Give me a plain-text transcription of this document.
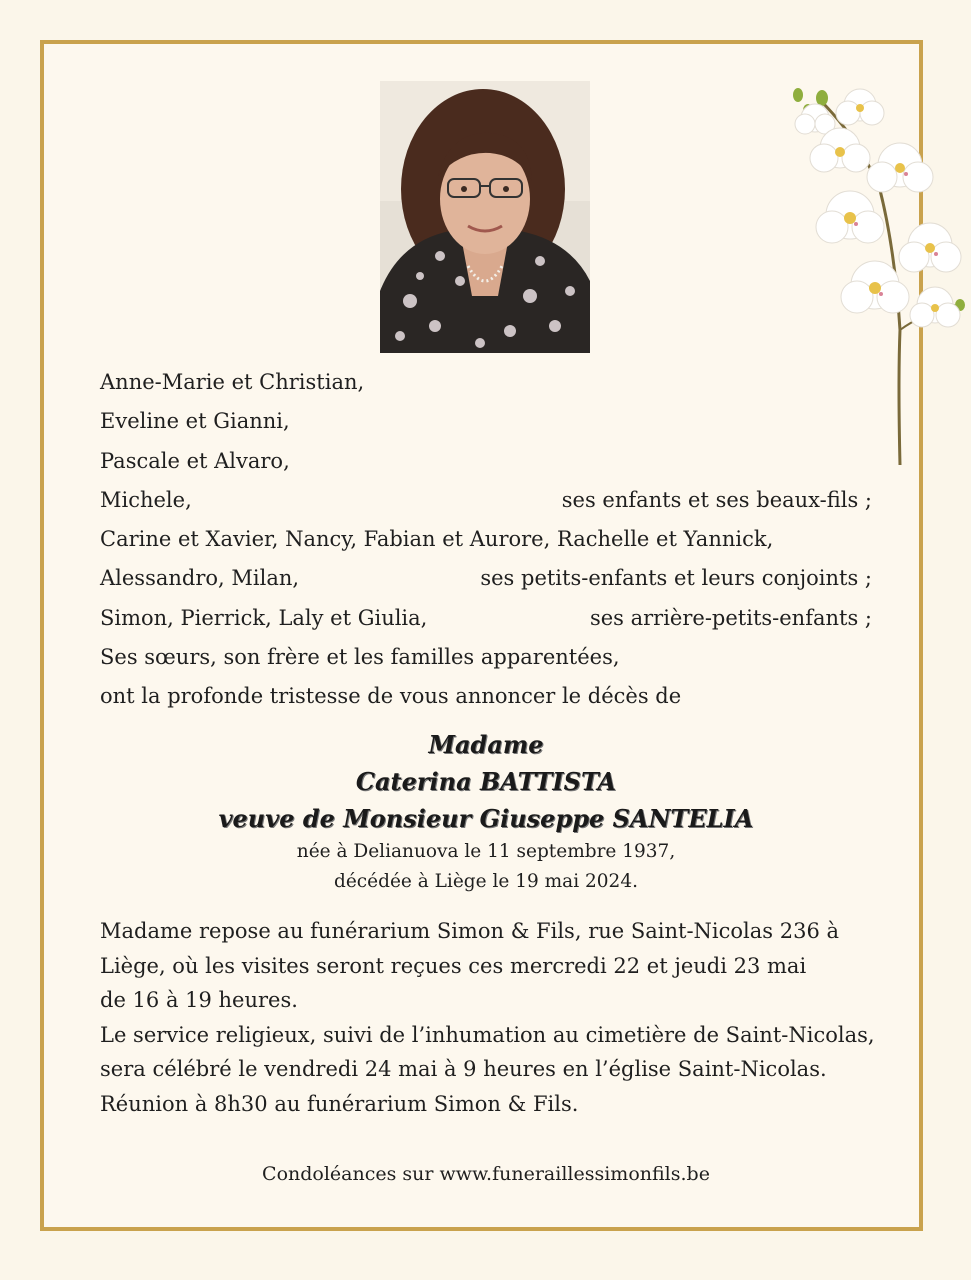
Anne-Marie et Christian,
Eveline et Gianni,
Pascale et Alvaro,
Michele,	ses enfants et ses beaux-fils ;
Carine et Xavier, Nancy, Fabian et Aurore, Rachelle et Yannick,
Alessandro, Milan,	ses petits-enfants et leurs conjoints ;
Simon, Pierrick, Laly et Giulia,	ses arrière-petits-enfants ;
Ses sœurs, son frère et les familles apparentées,
ont la profonde tristesse de vous annoncer le décès de
Madame
Caterina BATTISTA
veuve de Monsieur Giuseppe SANTELIA
née à Delianuova le 11 septembre 1937,
décédée à Liège le 19 mai 2024.
Madame repose au funérarium Simon & Fils, rue Saint-Nicolas 236 à
Liège, où les visites seront reçues ces mercredi 22 et jeudi 23 mai
de 16 à 19 heures.
Le service religieux, suivi de l’inhumation au cimetière de Saint-Nicolas,
sera célébré le vendredi 24 mai à 9 heures en l’église Saint-Nicolas.
Réunion à 8h30 au funérarium Simon & Fils.
Condoléances sur www.funeraillessimonfils.be
